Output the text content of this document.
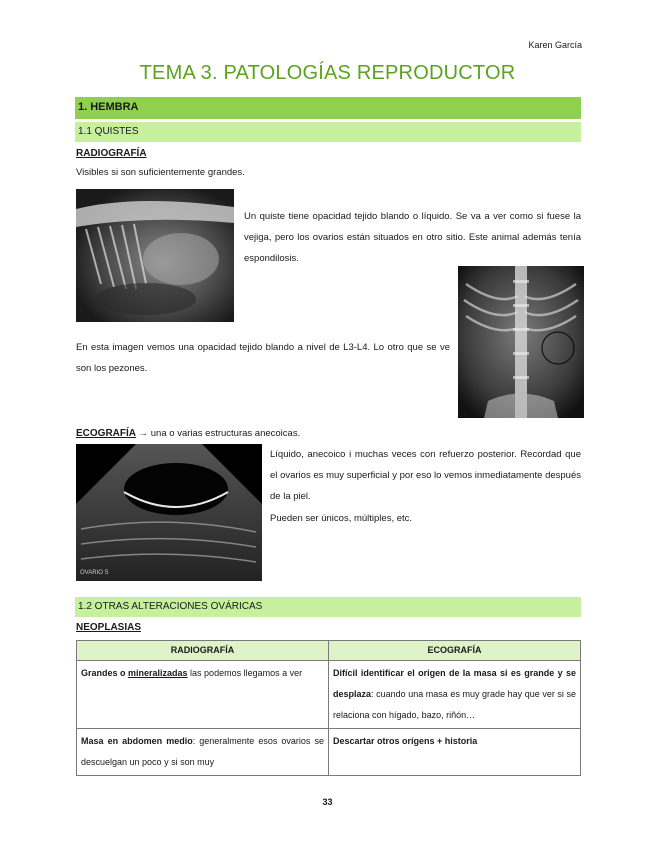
Karen García
TEMA 3. PATOLOGÍAS REPRODUCTOR
1. HEMBRA
1.1 QUISTES
RADIOGRAFÍA
Visibles si son suficientemente grandes.
Un quiste tiene opacidad tejido blando o líquido. Se va a ver como si fuese la vejiga, pero los ovarios están situados en otro sitio. Este animal además tenía espondilosis.
En esta imagen vemos una opacidad tejido blando a nivel de L3-L4. Lo otro que se ve son los pezones.
ECOGRAFÍA → una o varias estructuras anecoicas.
OVARIO S
Líquido, anecoico i muchas veces con refuerzo posterior. Recordad que el ovarios es muy superficial y por eso lo vemos inmediatamente después de la piel.
Pueden ser únicos, múltiples, etc.
1.2 OTRAS ALTERACIONES OVÁRICAS
NEOPLASIAS
RADIOGRAFÍA	ECOGRAFÍA
Grandes o mineralizadas las podemos llegamos a ver	Difícil identificar el origen de la masa si es grande y se desplaza: cuando una masa es muy grade hay que ver si se relaciona con hígado, bazo, riñón…
Masa en abdomen medio: generalmente esos ovarios se descuelgan un poco y si son muy	Descartar otros orígens + historia
33
